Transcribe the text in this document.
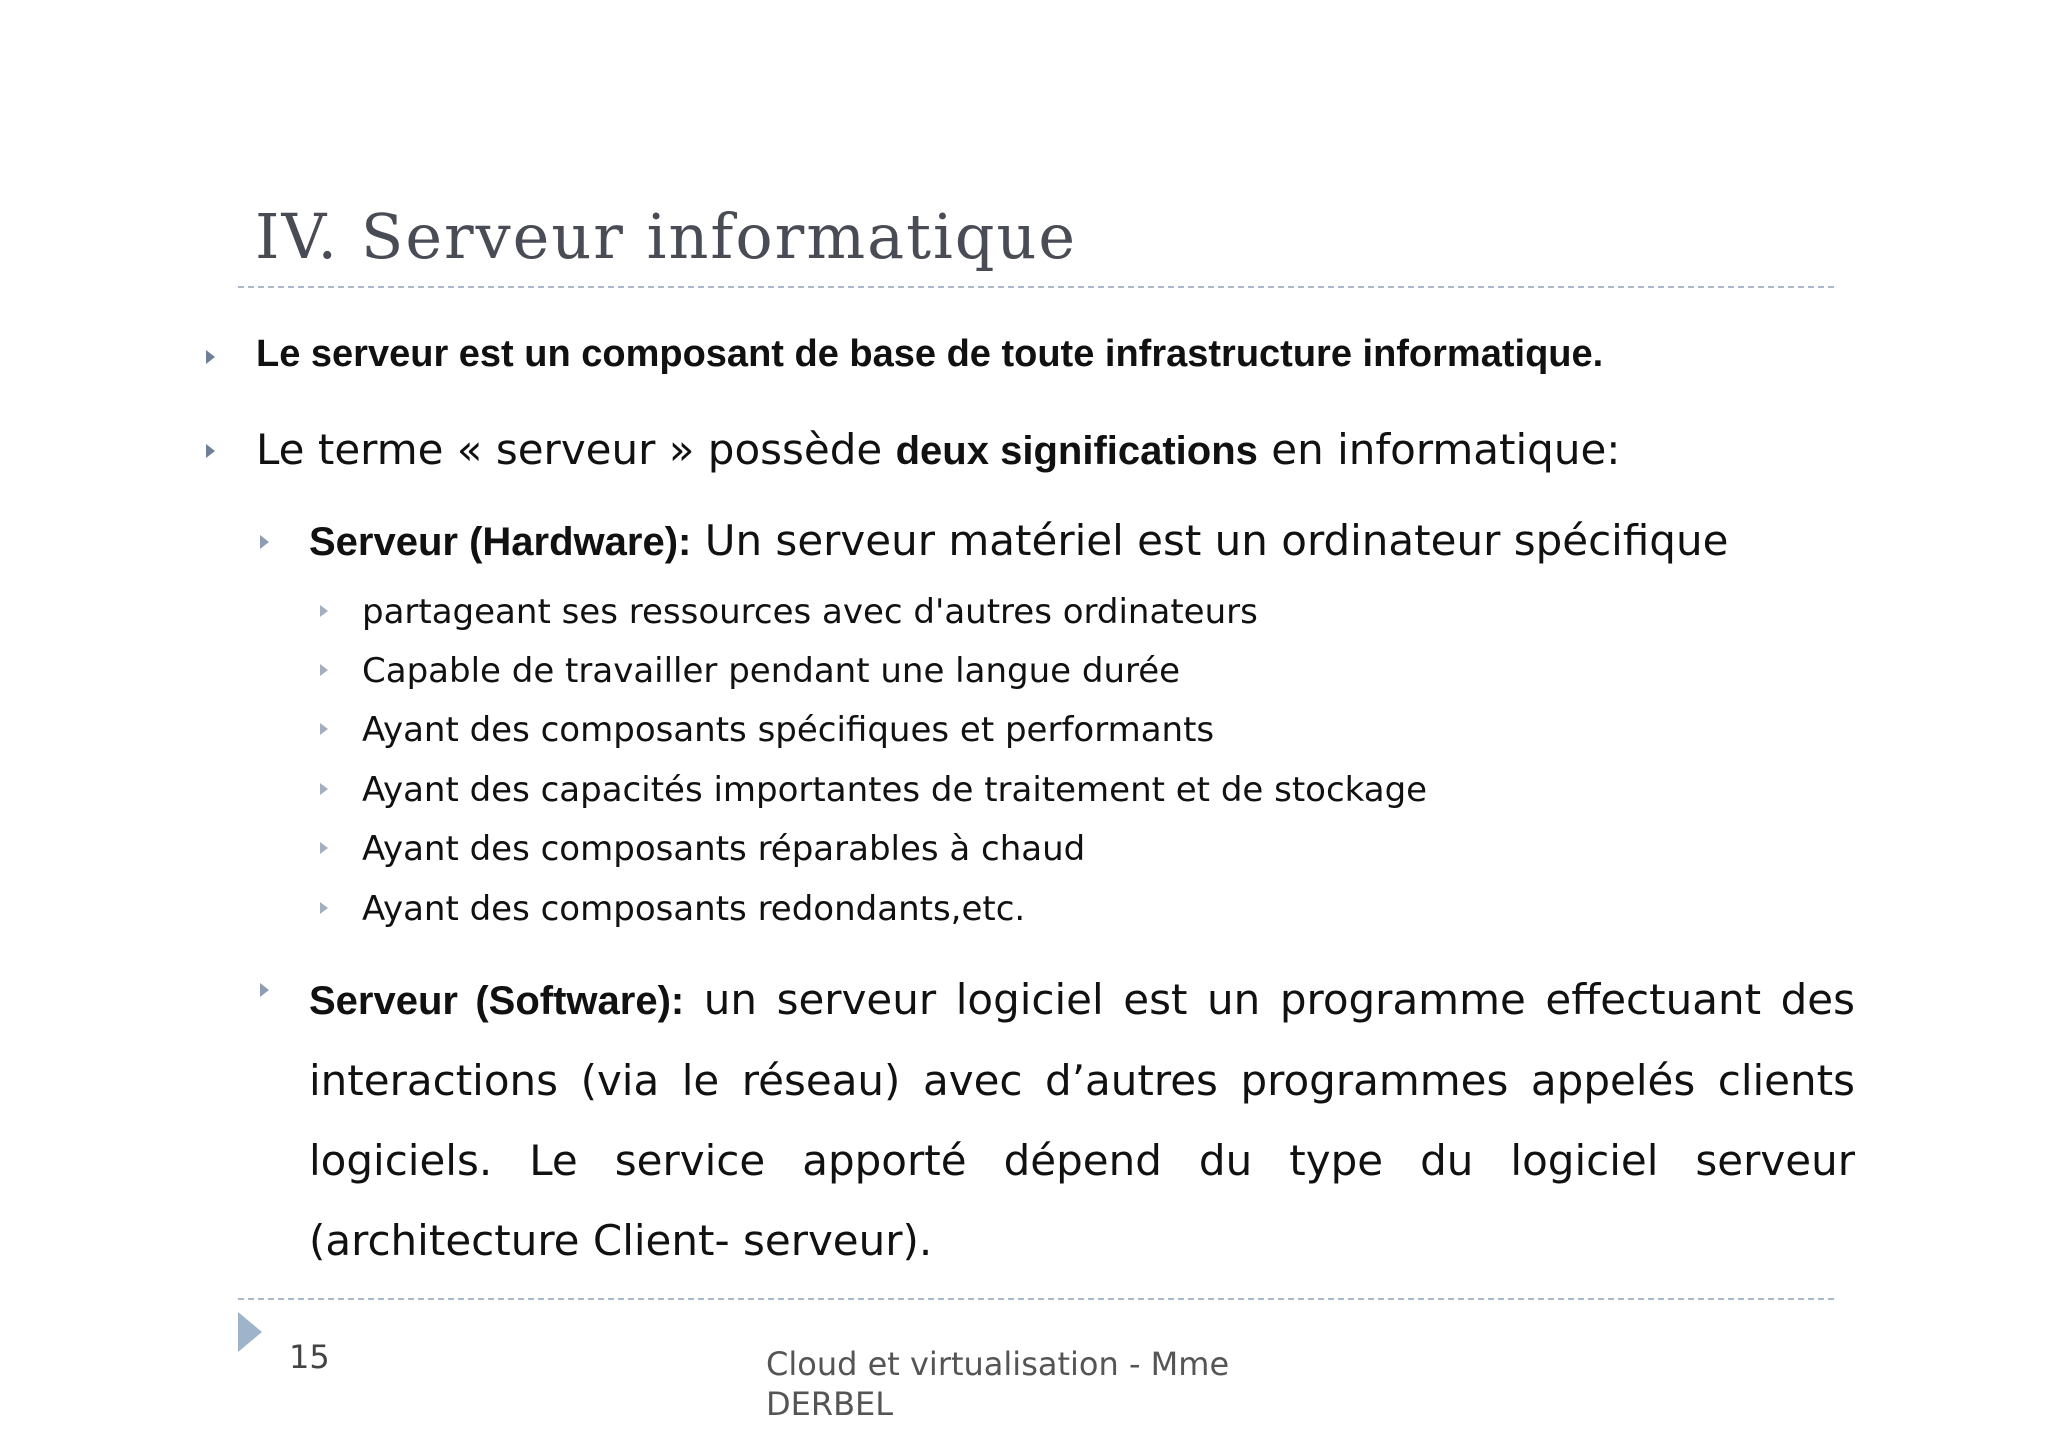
IV. Serveur informatique
Le serveur est un composant de base de toute infrastructure informatique.
Le terme « serveur » possède deux significations en informatique:
Serveur (Hardware): Un serveur matériel est un ordinateur spécifique
partageant ses ressources avec d'autres ordinateurs
Capable de travailler pendant une langue durée
Ayant des composants spécifiques et performants
Ayant des capacités importantes de traitement et de stockage
Ayant des composants réparables à chaud
Ayant des composants redondants,etc.
Serveur (Software): un serveur logiciel est un programme effectuant des interactions (via le réseau) avec d’autres programmes appelés clients logiciels. Le service apporté dépend du type du logiciel serveur (architecture Client- serveur).
15	Cloud et virtualisation - Mme DERBEL
